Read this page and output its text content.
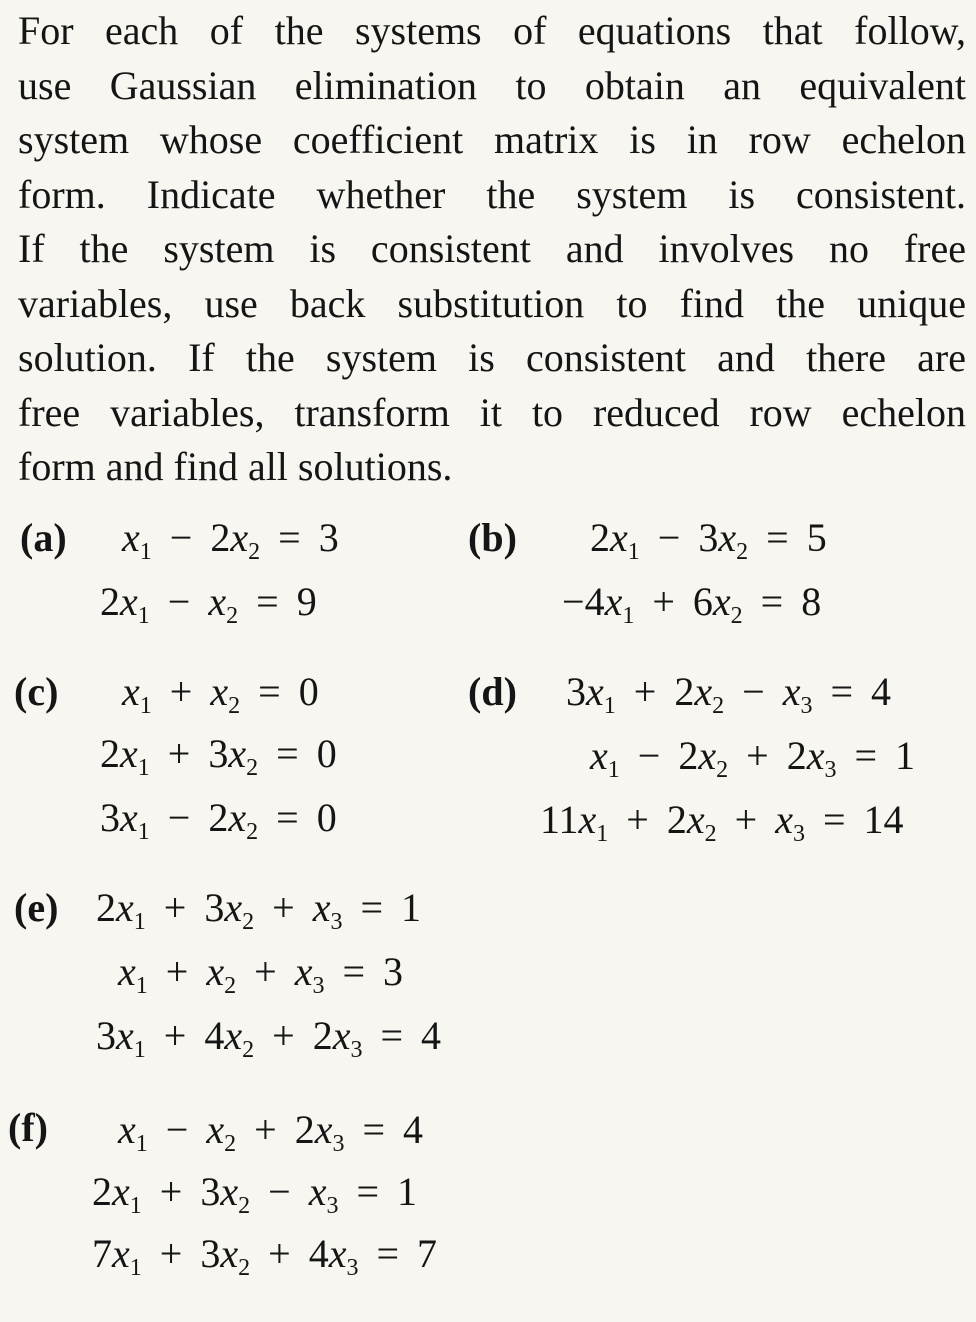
For each of the systems of equations that follow,
use Gaussian elimination to obtain an equivalent
system whose coefficient matrix is in row echelon
form. Indicate whether the system is consistent.
If the system is consistent and involves no free
variables, use back substitution to find the unique
solution. If the system is consistent and there are
free variables, transform it to reduced row echelon
form and find all solutions.
(a) $x_1 - 2x_2 = 3$
$2x_1 - x_2 = 9$
(b) $2x_1 - 3x_2 = 5$
$-4x_1 + 6x_2 = 8$
(c) $x_1 + x_2 = 0$
$2x_1 + 3x_2 = 0$
$3x_1 - 2x_2 = 0$
(d) $3x_1 + 2x_2 - x_3 = 4$
$x_1 - 2x_2 + 2x_3 = 1$
$11x_1 + 2x_2 + x_3 = 14$
(e) $2x_1 + 3x_2 + x_3 = 1$
$x_1 + x_2 + x_3 = 3$
$3x_1 + 4x_2 + 2x_3 = 4$
(f) $x_1 - x_2 + 2x_3 = 4$
$2x_1 + 3x_2 - x_3 = 1$
$7x_1 + 3x_2 + 4x_3 = 7$
